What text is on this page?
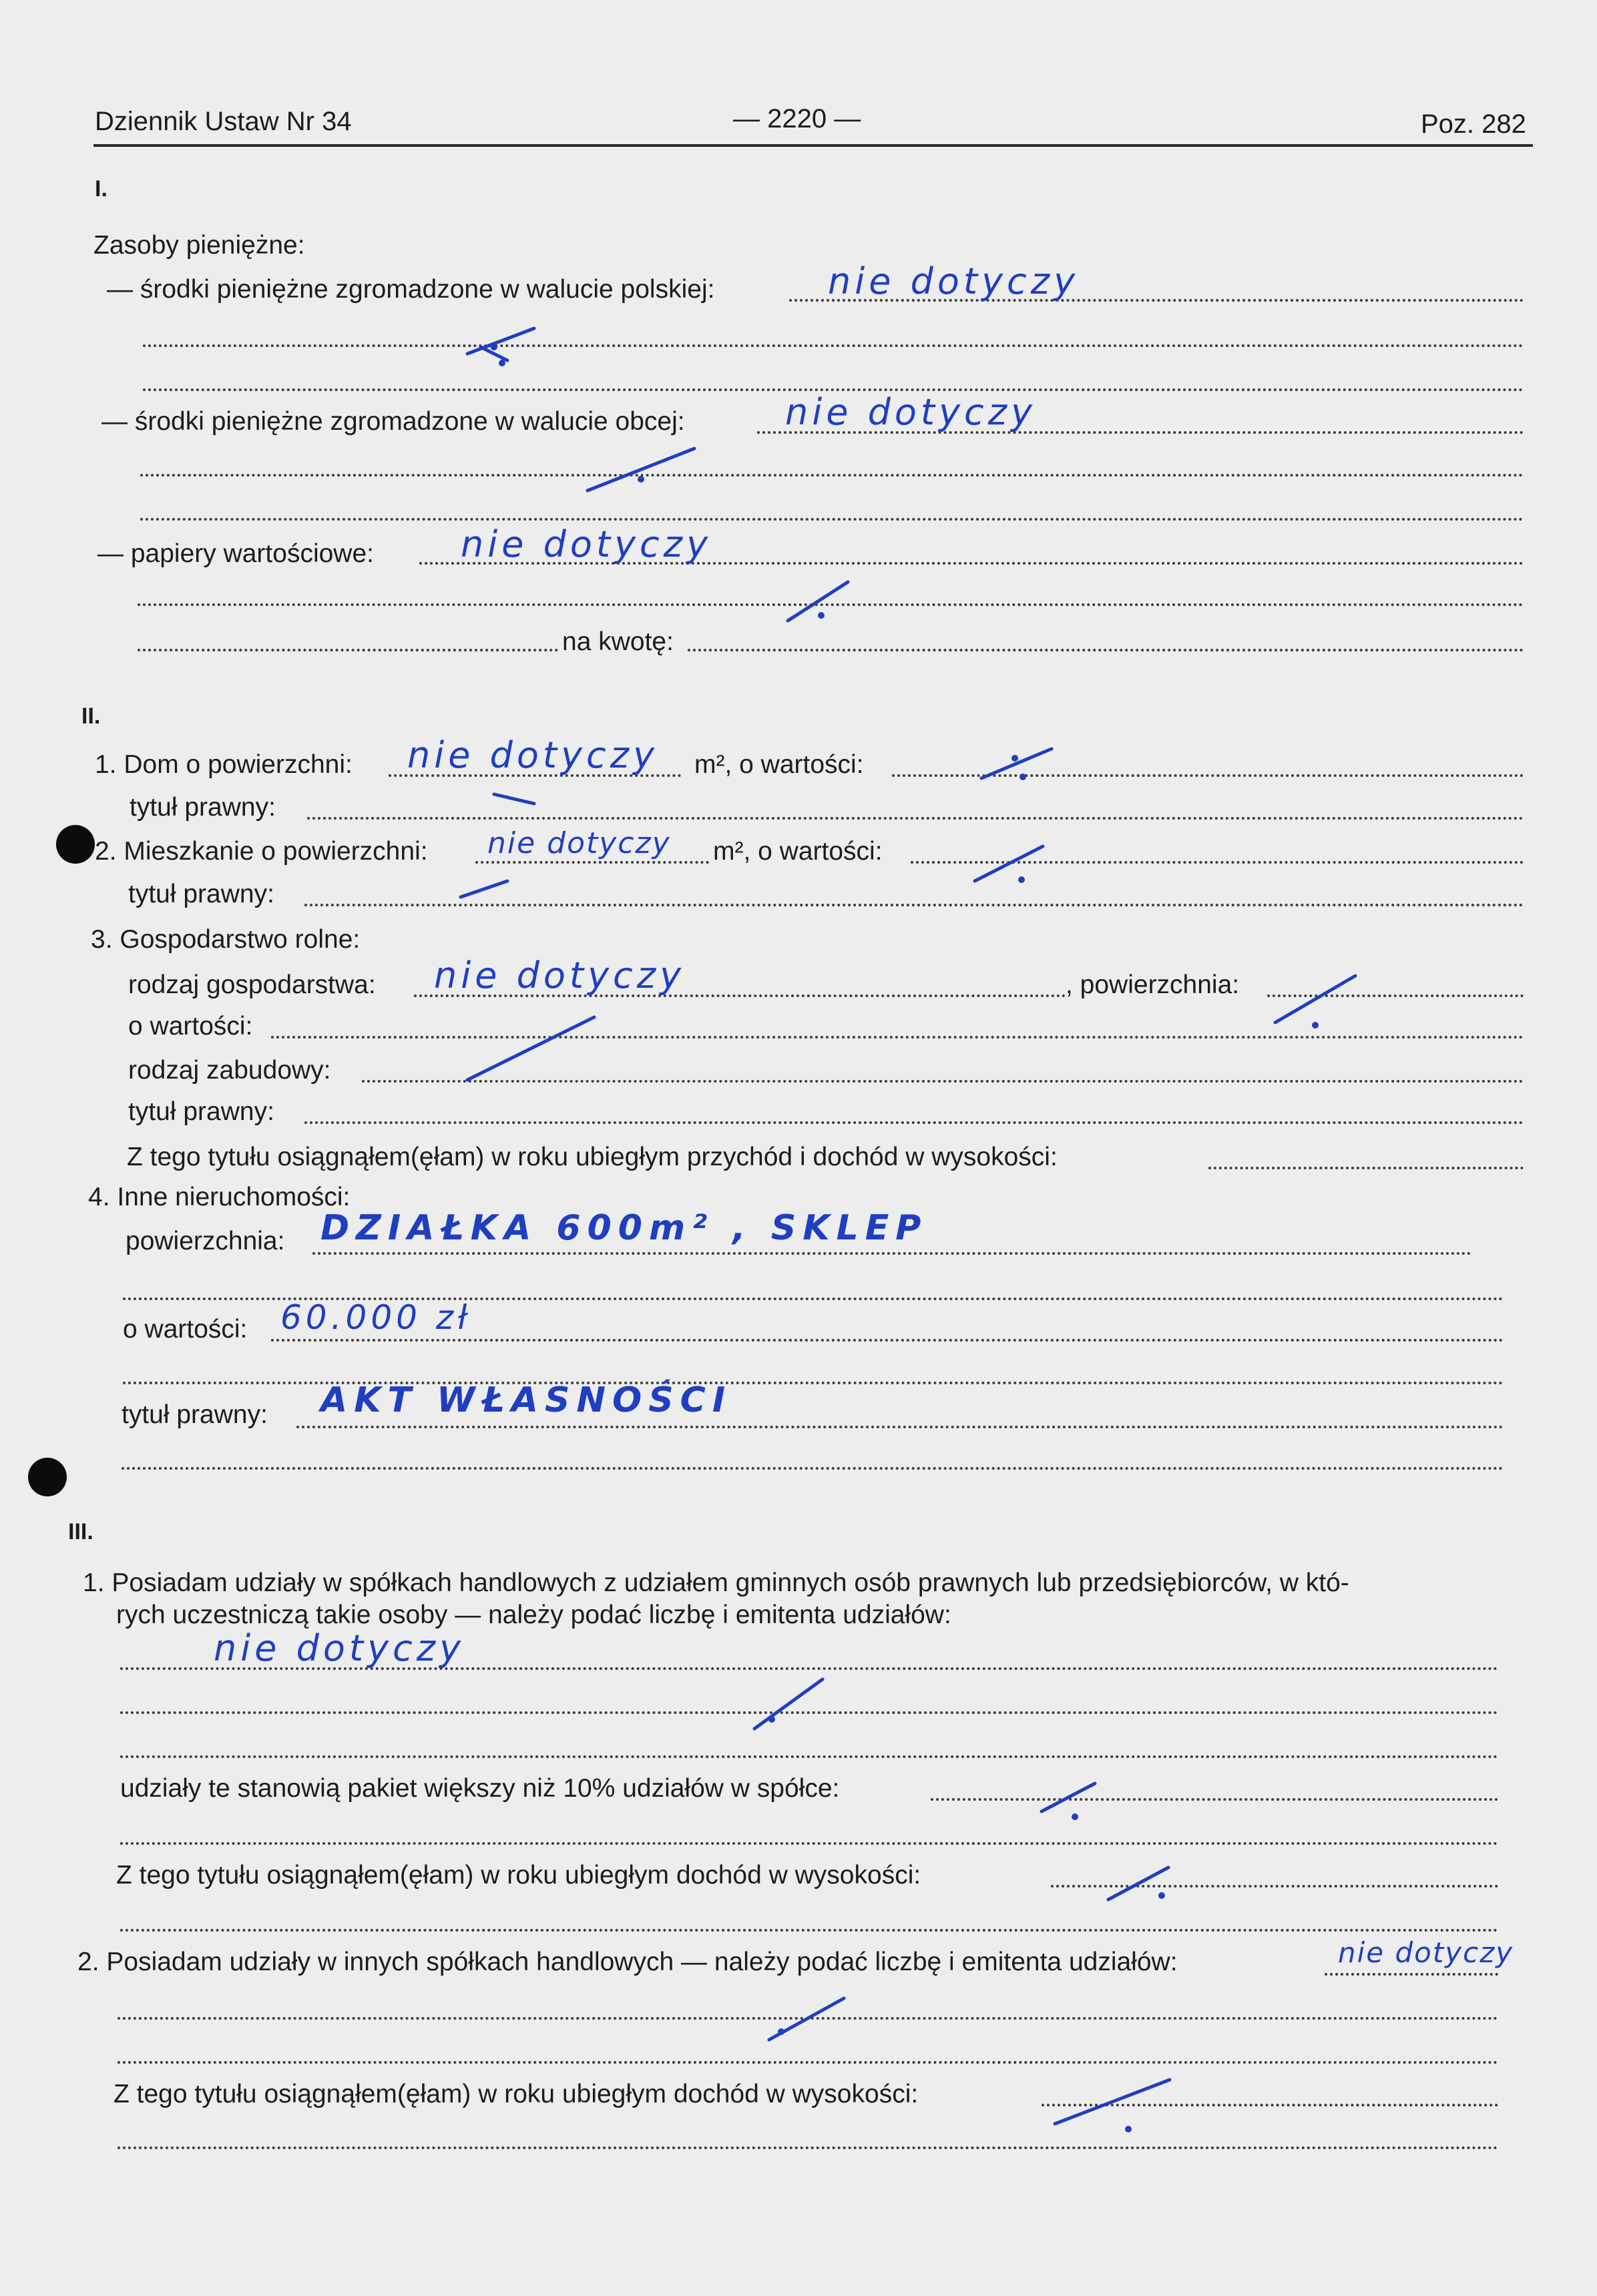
Dziennik Ustaw Nr 34	— 2220 —	Poz. 282
I.
Zasoby pieniężne:
— środki pieniężne zgromadzone w walucie polskiej:	nie dotyczy
— środki pieniężne zgromadzone w walucie obcej:	nie dotyczy
— papiery wartościowe: nie dotyczy
na kwotę:
II.
1. Dom o powierzchni: nie dotyczy m², o wartości:
tytuł prawny:
2. Mieszkanie o powierzchni: nie dotyczy m², o wartości:
tytuł prawny:
3. Gospodarstwo rolne:
rodzaj gospodarstwa: nie dotyczy	, powierzchnia:
o wartości:
rodzaj zabudowy:
tytuł prawny:
Z tego tytułu osiągnąłem(ęłam) w roku ubiegłym przychód i dochód w wysokości:
4. Inne nieruchomości:
powierzchnia: DZIAŁKA 600m² , SKLEP
o wartości: 60.000 zł
tytuł prawny: AKT WŁASNOŚCI
III.
1. Posiadam udziały w spółkach handlowych z udziałem gminnych osób prawnych lub przedsiębiorców, w któ-
rych uczestniczą takie osoby — należy podać liczbę i emitenta udziałów:
nie dotyczy
udziały te stanowią pakiet większy niż 10% udziałów w spółce:
Z tego tytułu osiągnąłem(ęłam) w roku ubiegłym dochód w wysokości:
2. Posiadam udziały w innych spółkach handlowych — należy podać liczbę i emitenta udziałów:	nie dotyczy
Z tego tytułu osiągnąłem(ęłam) w roku ubiegłym dochód w wysokości:
